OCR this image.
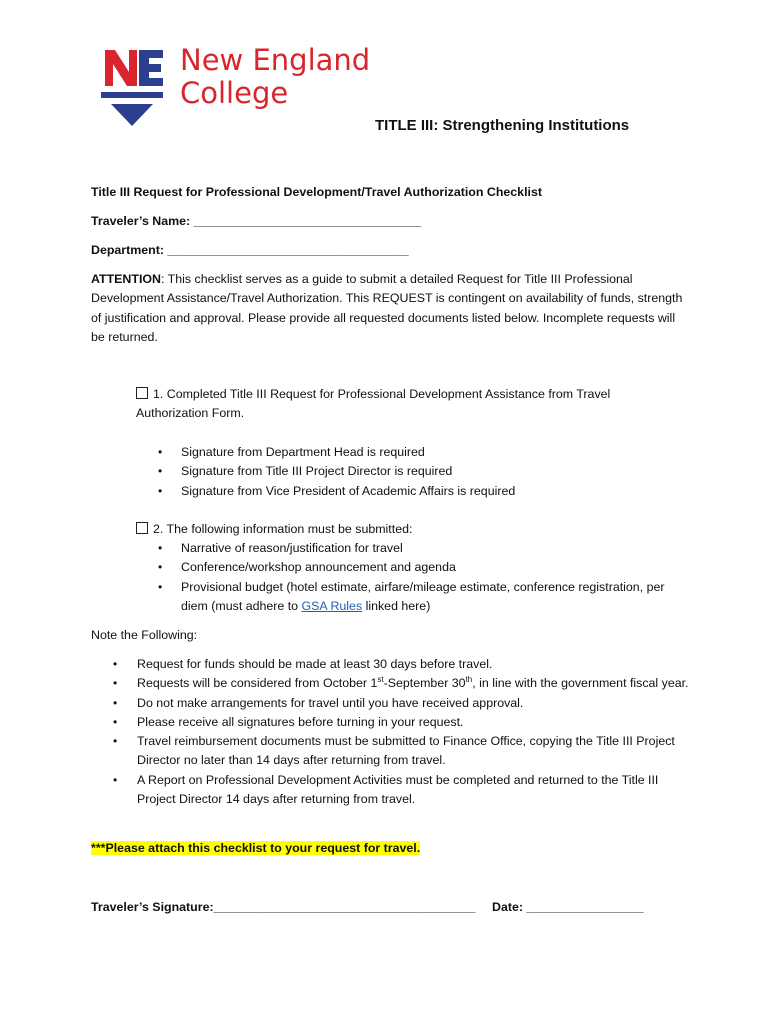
New England
College
TITLE III: Strengthening Institutions
Title III Request for Professional Development/Travel Authorization Checklist
Traveler’s Name: _________________________________
Department: ___________________________________
ATTENTION: This checklist serves as a guide to submit a detailed Request for Title III Professional Development Assistance/Travel Authorization. This REQUEST is contingent on availability of funds, strength of justification and approval. Please provide all requested documents listed below. Incomplete requests will be returned.
1. Completed Title III Request for Professional Development Assistance from Travel Authorization Form.
• Signature from Department Head is required
• Signature from Title III Project Director is required
• Signature from Vice President of Academic Affairs is required
2. The following information must be submitted:
• Narrative of reason/justification for travel
• Conference/workshop announcement and agenda
• Provisional budget (hotel estimate, airfare/mileage estimate, conference registration, per diem (must adhere to GSA Rules linked here)
Note the Following:
• Request for funds should be made at least 30 days before travel.
• Requests will be considered from October 1st-September 30th, in line with the government fiscal year.
• Do not make arrangements for travel until you have received approval.
• Please receive all signatures before turning in your request.
• Travel reimbursement documents must be submitted to Finance Office, copying the Title III Project Director no later than 14 days after returning from travel.
• A Report on Professional Development Activities must be completed and returned to the Title III Project Director 14 days after returning from travel.
***Please attach this checklist to your request for travel.
Traveler’s Signature:______________________________________ Date: _________________
